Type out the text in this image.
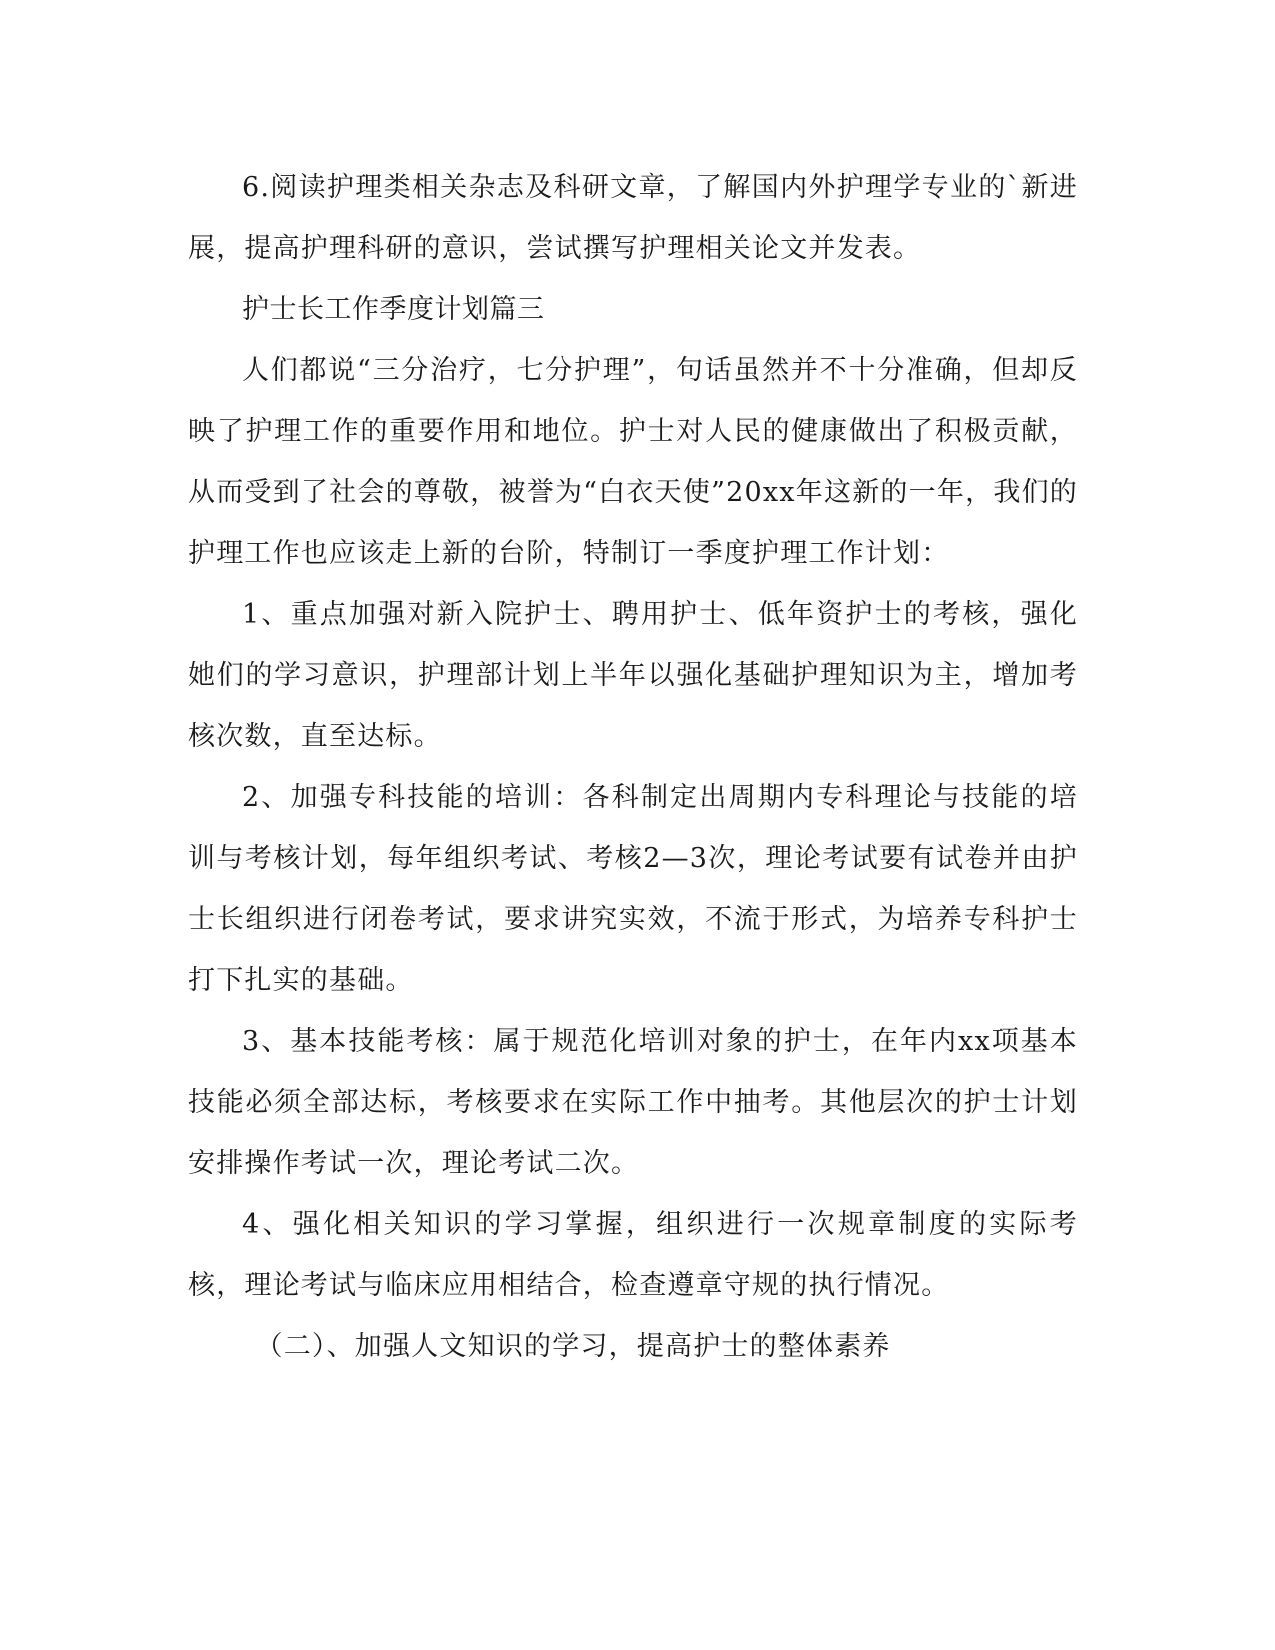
6.阅读护理类相关杂志及科研文章，了解国内外护理学专业的`新进展，提高护理科研的意识，尝试撰写护理相关论文并发表。

护士长工作季度计划篇三

人们都说“三分治疗，七分护理”，句话虽然并不十分准确，但却反映了护理工作的重要作用和地位。护士对人民的健康做出了积极贡献，从而受到了社会的尊敬，被誉为“白衣天使”20xx年这新的一年，我们的护理工作也应该走上新的台阶，特制订一季度护理工作计划：

1、重点加强对新入院护士、聘用护士、低年资护士的考核，强化她们的学习意识，护理部计划上半年以强化基础护理知识为主，增加考核次数，直至达标。

2、加强专科技能的培训：各科制定出周期内专科理论与技能的培训与考核计划，每年组织考试、考核2—3次，理论考试要有试卷并由护士长组织进行闭卷考试，要求讲究实效，不流于形式，为培养专科护士打下扎实的基础。

3、基本技能考核：属于规范化培训对象的护士，在年内xx项基本技能必须全部达标，考核要求在实际工作中抽考。其他层次的护士计划安排操作考试一次，理论考试二次。

4、强化相关知识的学习掌握，组织进行一次规章制度的实际考核，理论考试与临床应用相结合，检查遵章守规的执行情况。

（二）、加强人文知识的学习，提高护士的整体素养
